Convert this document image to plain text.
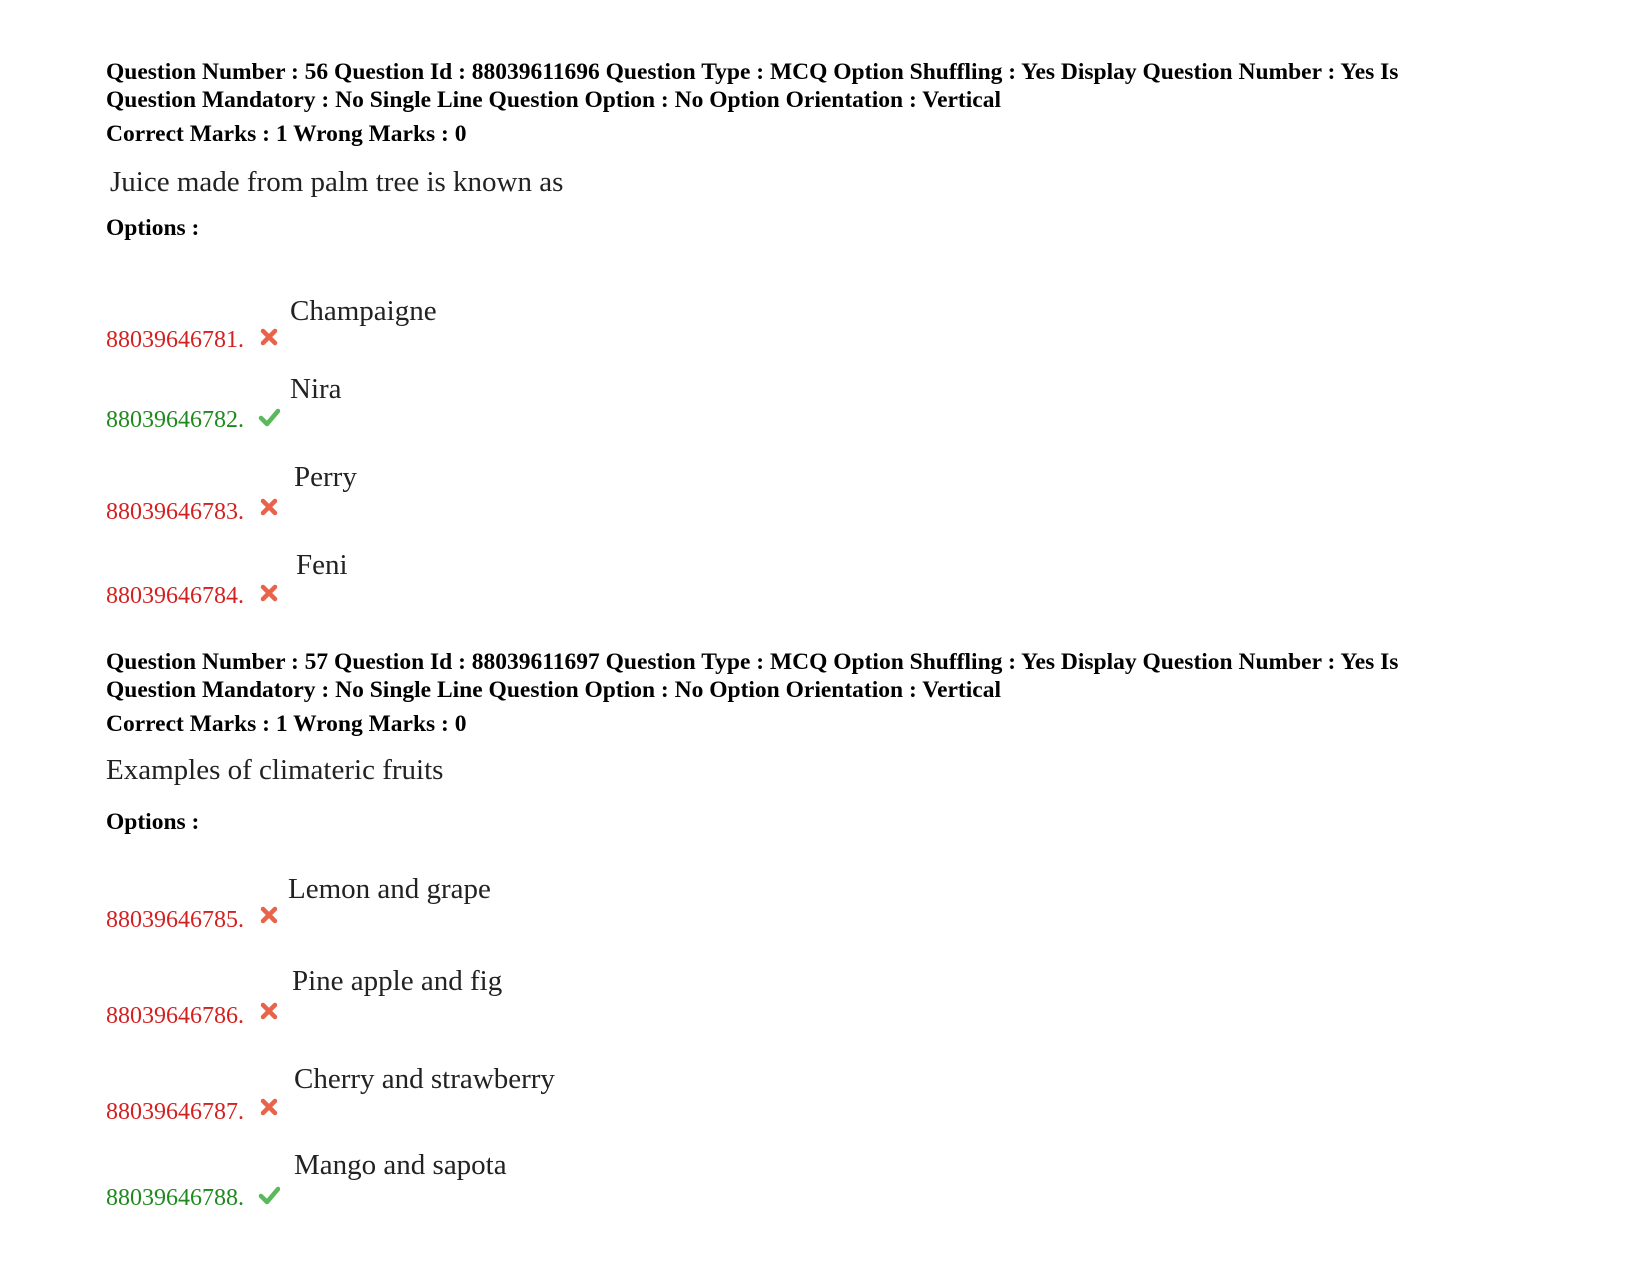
Question Number : 56 Question Id : 88039611696 Question Type : MCQ Option Shuffling : Yes Display Question Number : Yes Is
Question Mandatory : No Single Line Question Option : No Option Orientation : Vertical
Correct Marks : 1 Wrong Marks : 0
Juice made from palm tree is known as
Options :
88039646781.
Champaigne
88039646782.
Nira
88039646783.
Perry
88039646784.
Feni
Question Number : 57 Question Id : 88039611697 Question Type : MCQ Option Shuffling : Yes Display Question Number : Yes Is
Question Mandatory : No Single Line Question Option : No Option Orientation : Vertical
Correct Marks : 1 Wrong Marks : 0
Examples of climateric fruits
Options :
88039646785.
Lemon and grape
88039646786.
Pine apple and fig
88039646787.
Cherry and strawberry
88039646788.
Mango and sapota
